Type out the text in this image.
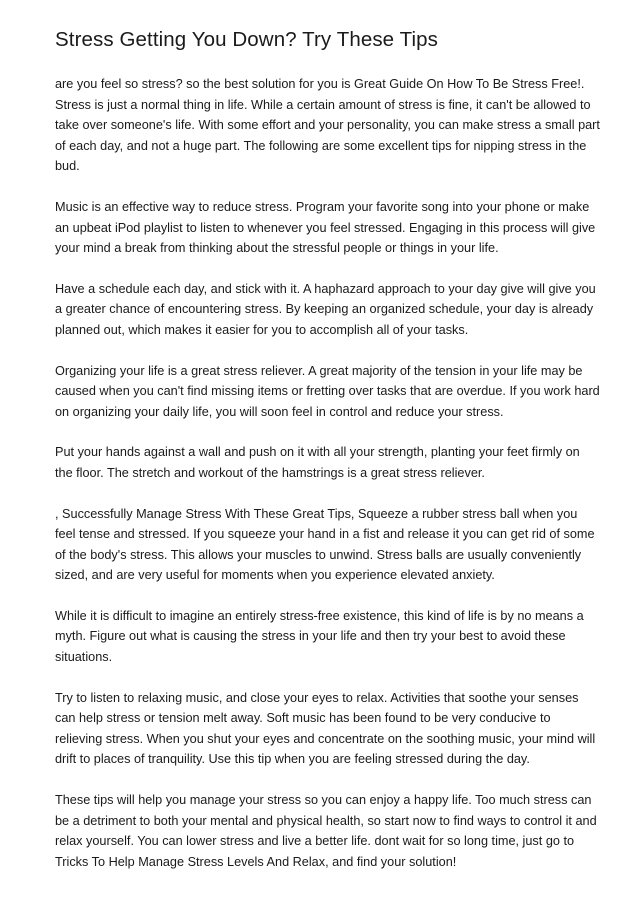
Stress Getting You Down? Try These Tips

are you feel so stress? so the best solution for you is Great Guide On How To Be Stress Free!. Stress is just a normal thing in life. While a certain amount of stress is fine, it can't be allowed to take over someone's life. With some effort and your personality, you can make stress a small part of each day, and not a huge part. The following are some excellent tips for nipping stress in the bud.

Music is an effective way to reduce stress. Program your favorite song into your phone or make an upbeat iPod playlist to listen to whenever you feel stressed. Engaging in this process will give your mind a break from thinking about the stressful people or things in your life.

Have a schedule each day, and stick with it. A haphazard approach to your day give will give you a greater chance of encountering stress. By keeping an organized schedule, your day is already planned out, which makes it easier for you to accomplish all of your tasks.

Organizing your life is a great stress reliever. A great majority of the tension in your life may be caused when you can't find missing items or fretting over tasks that are overdue. If you work hard on organizing your daily life, you will soon feel in control and reduce your stress.

Put your hands against a wall and push on it with all your strength, planting your feet firmly on the floor. The stretch and workout of the hamstrings is a great stress reliever.

, Successfully Manage Stress With These Great Tips, Squeeze a rubber stress ball when you feel tense and stressed. If you squeeze your hand in a fist and release it you can get rid of some of the body's stress. This allows your muscles to unwind. Stress balls are usually conveniently sized, and are very useful for moments when you experience elevated anxiety.

While it is difficult to imagine an entirely stress-free existence, this kind of life is by no means a myth. Figure out what is causing the stress in your life and then try your best to avoid these situations.

Try to listen to relaxing music, and close your eyes to relax. Activities that soothe your senses can help stress or tension melt away. Soft music has been found to be very conducive to relieving stress. When you shut your eyes and concentrate on the soothing music, your mind will drift to places of tranquility. Use this tip when you are feeling stressed during the day.

These tips will help you manage your stress so you can enjoy a happy life. Too much stress can be a detriment to both your mental and physical health, so start now to find ways to control it and relax yourself. You can lower stress and live a better life. dont wait for so long time, just go to Tricks To Help Manage Stress Levels And Relax, and find your solution!
